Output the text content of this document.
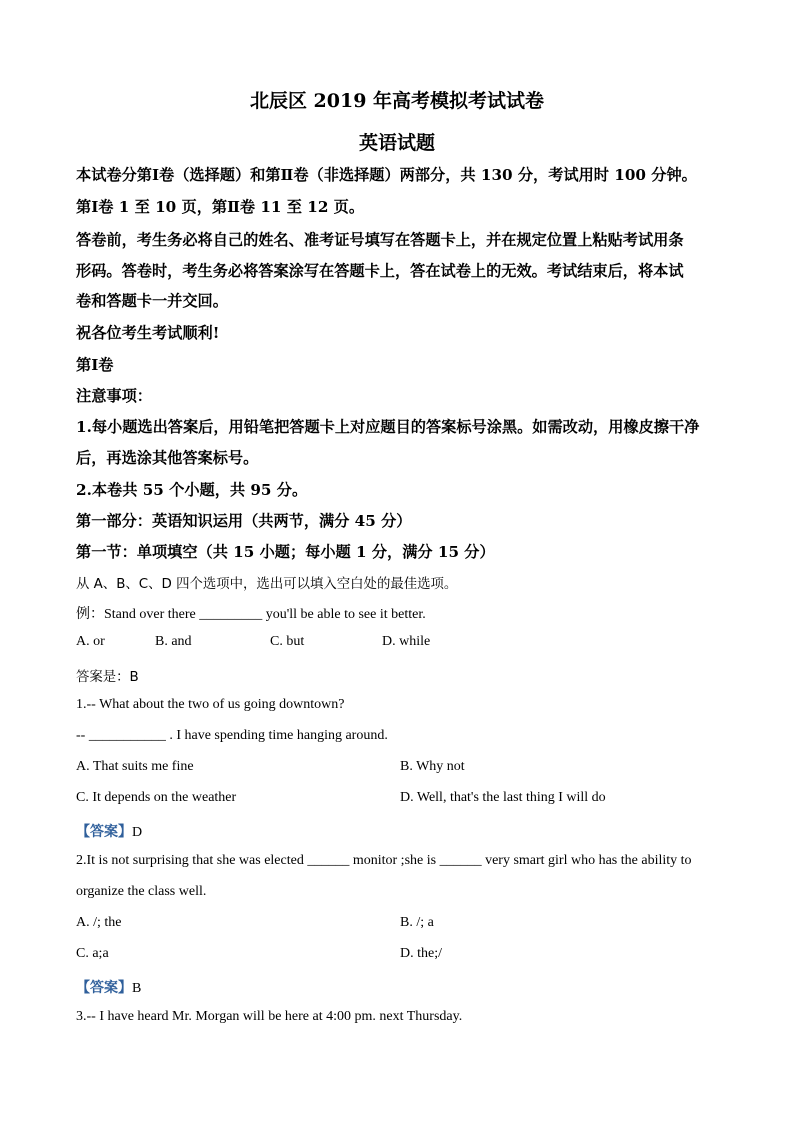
北辰区 2019 年高考模拟考试试卷
英语试题
本试卷分第Ⅰ卷（选择题）和第Ⅱ卷（非选择题）两部分，共 130 分，考试用时 100 分钟。
第Ⅰ卷 1 至 10 页，第Ⅱ卷 11 至 12 页。
答卷前，考生务必将自己的姓名、准考证号填写在答题卡上，并在规定位置上粘贴考试用条
形码。答卷时，考生务必将答案涂写在答题卡上，答在试卷上的无效。考试结束后，将本试
卷和答题卡一并交回。
祝各位考生考试顺利!
第Ⅰ卷
注意事项：
1.每小题选出答案后，用铅笔把答题卡上对应题目的答案标号涂黑。如需改动，用橡皮擦干净
后，再选涂其他答案标号。
2.本卷共 55 个小题，共 95 分。
第一部分：英语知识运用（共两节，满分 45 分）
第一节：单项填空（共 15 小题；每小题 1 分，满分 15 分）
从 A、B、C、D 四个选项中，选出可以填入空白处的最佳选项。
例：Stand over there _________ you'll be able to see it better.
A. or	B. and	C. but	D. while
答案是：B
1.-- What about the two of us going downtown?
-- ___________ . I have spending time hanging around.
A. That suits me fine	B. Why not
C. It depends on the weather	D. Well, that's the last thing I will do
【答案】D
2.It is not surprising that she was elected ______ monitor ;she is ______ very smart girl who has the ability to
organize the class well.
A. /; the	B. /; a
C. a;a	D. the;/
【答案】B
3.-- I have heard Mr. Morgan will be here at 4:00 pm. next Thursday.
